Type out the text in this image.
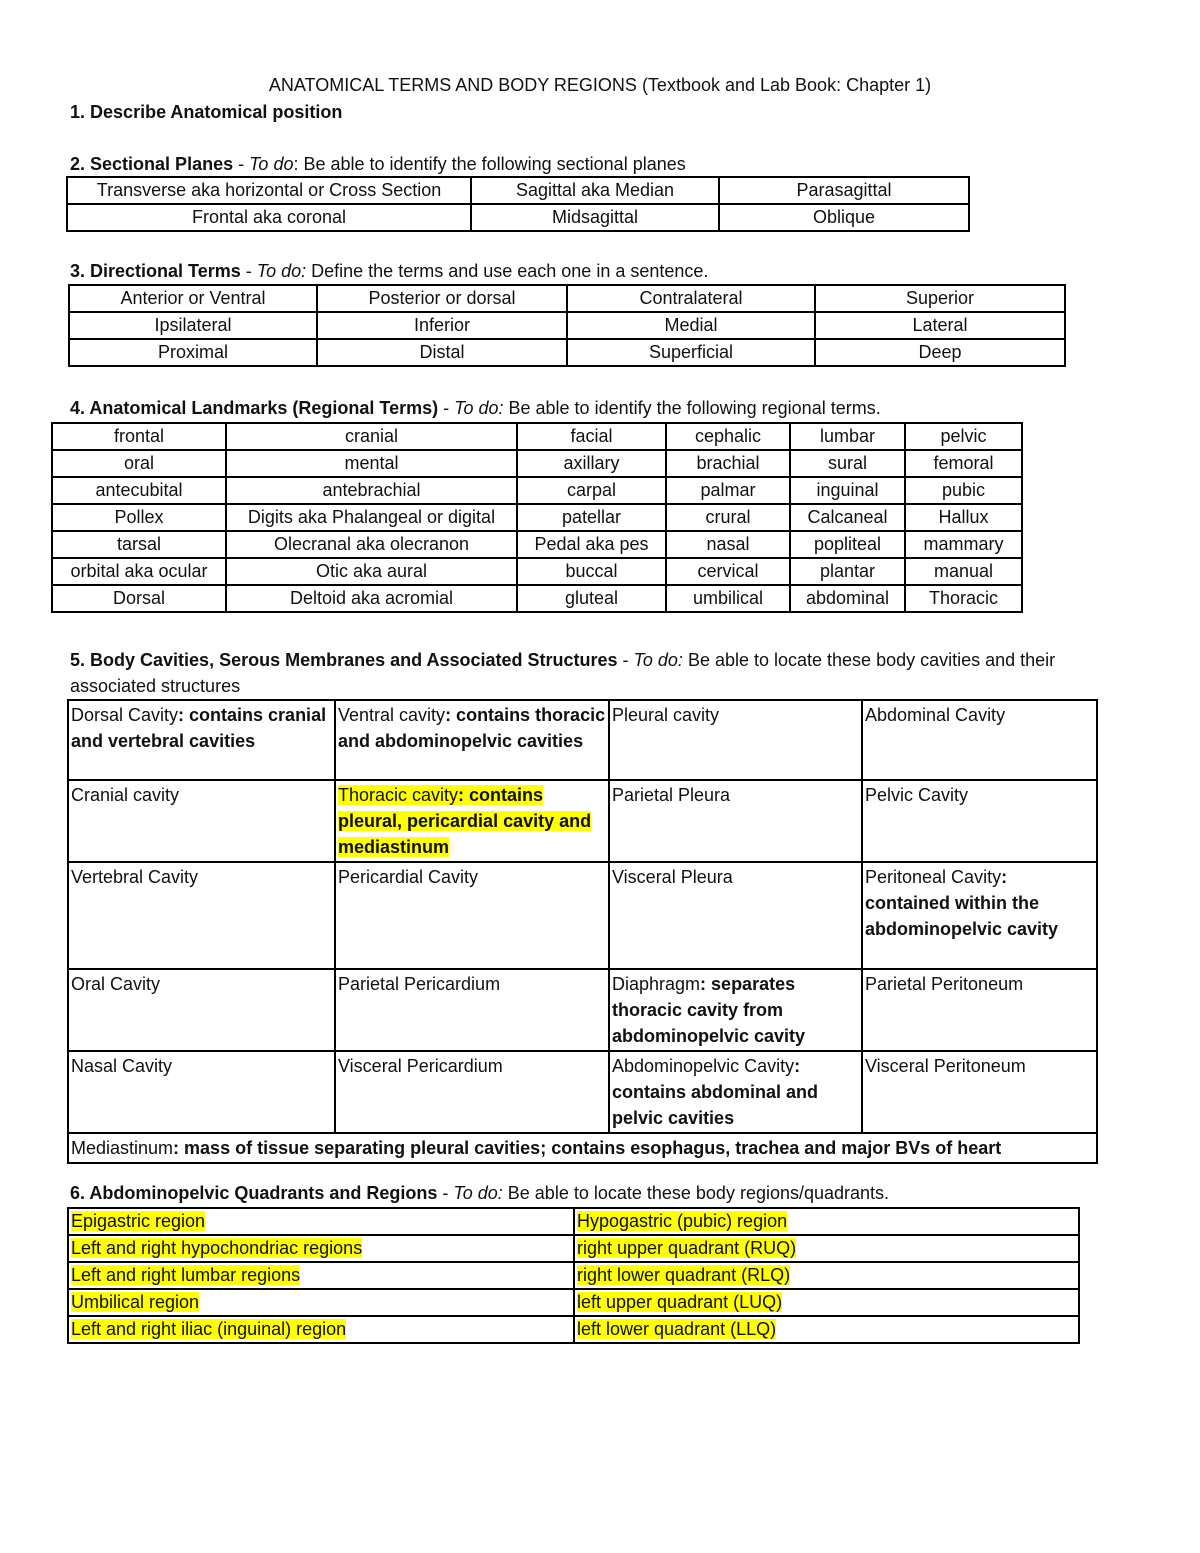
ANATOMICAL TERMS AND BODY REGIONS (Textbook and Lab Book: Chapter 1)
1. Describe Anatomical position
2. Sectional Planes - To do: Be able to identify the following sectional planes
Transverse aka horizontal or Cross Section	Sagittal aka Median	Parasagittal
Frontal aka coronal	Midsagittal	Oblique
3. Directional Terms - To do: Define the terms and use each one in a sentence.
Anterior or Ventral	Posterior or dorsal	Contralateral	Superior
Ipsilateral	Inferior	Medial	Lateral
Proximal	Distal	Superficial	Deep
4. Anatomical Landmarks (Regional Terms) - To do: Be able to identify the following regional terms.
frontal	cranial	facial	cephalic	lumbar	pelvic
oral	mental	axillary	brachial	sural	femoral
antecubital	antebrachial	carpal	palmar	inguinal	pubic
Pollex	Digits aka Phalangeal or digital	patellar	crural	Calcaneal	Hallux
tarsal	Olecranal aka olecranon	Pedal aka pes	nasal	popliteal	mammary
orbital aka ocular	Otic aka aural	buccal	cervical	plantar	manual
Dorsal	Deltoid aka acromial	gluteal	umbilical	abdominal	Thoracic
5. Body Cavities, Serous Membranes and Associated Structures - To do: Be able to locate these body cavities and their associated structures
Dorsal Cavity: contains cranial and vertebral cavities	Ventral cavity: contains thoracic and abdominopelvic cavities	Pleural cavity	Abdominal Cavity
Cranial cavity	Thoracic cavity: contains pleural, pericardial cavity and mediastinum	Parietal Pleura	Pelvic Cavity
Vertebral Cavity	Pericardial Cavity	Visceral Pleura	Peritoneal Cavity: contained within the abdominopelvic cavity
Oral Cavity	Parietal Pericardium	Diaphragm: separates thoracic cavity from abdominopelvic cavity	Parietal Peritoneum
Nasal Cavity	Visceral Pericardium	Abdominopelvic Cavity: contains abdominal and pelvic cavities	Visceral Peritoneum
Mediastinum: mass of tissue separating pleural cavities; contains esophagus, trachea and major BVs of heart			
6. Abdominopelvic Quadrants and Regions - To do: Be able to locate these body regions/quadrants.
Epigastric region	Hypogastric (pubic) region
Left and right hypochondriac regions	right upper quadrant (RUQ)
Left and right lumbar regions	right lower quadrant (RLQ)
Umbilical region	left upper quadrant (LUQ)
Left and right iliac (inguinal) region	left lower quadrant (LLQ)
